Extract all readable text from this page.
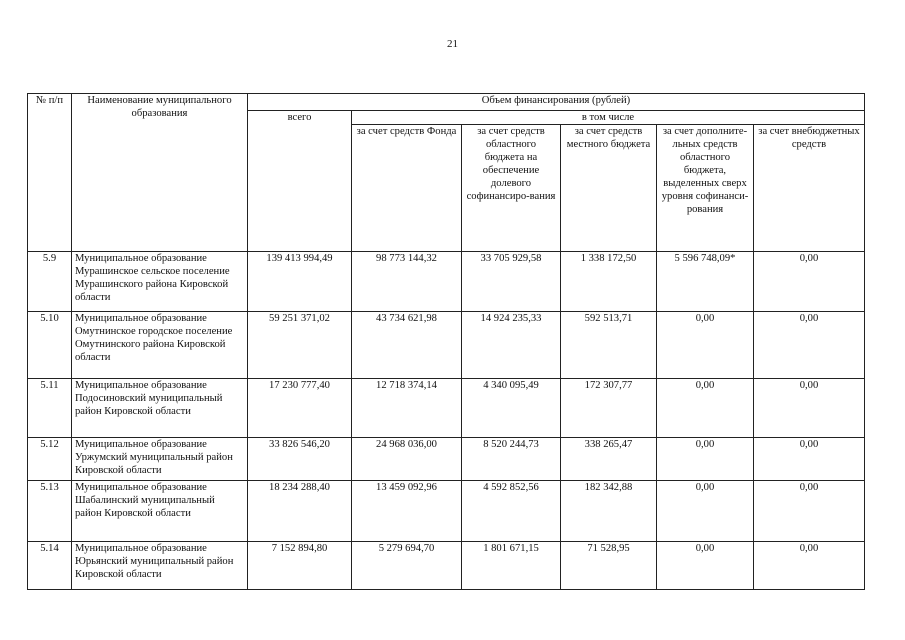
21
№ п/п	Наименование муниципального образования	Объем финансирования (рублей)					
		всего	в том числе				
			за счет средств Фонда	за счет средств областного бюджета на обеспечение долевого софинансиро-вания	за счет средств местного бюджета	за счет дополните-льных средств областного бюджета, выделенных сверх уровня софинанси-рования	за счет внебюджетных средств
5.9	Муниципальное образование Мурашинское сельское поселение Мурашинского района Кировской области	139 413 994,49	98 773 144,32	33 705 929,58	1 338 172,50	5 596 748,09*	0,00
5.10	Муниципальное образование Омутнинское городское поселение Омутнинского района Кировской области	59 251 371,02	43 734 621,98	14 924 235,33	592 513,71	0,00	0,00
5.11	Муниципальное образование Подосиновский муниципальный район Кировской области	17 230 777,40	12 718 374,14	4 340 095,49	172 307,77	0,00	0,00
5.12	Муниципальное образование Уржумский муниципальный район Кировской области	33 826 546,20	24 968 036,00	8 520 244,73	338 265,47	0,00	0,00
5.13	Муниципальное образование Шабалинский муниципальный район Кировской области	18 234 288,40	13 459 092,96	4 592 852,56	182 342,88	0,00	0,00
5.14	Муниципальное образование Юрьянский муниципальный район Кировской области	7 152 894,80	5 279 694,70	1 801 671,15	71 528,95	0,00	0,00
